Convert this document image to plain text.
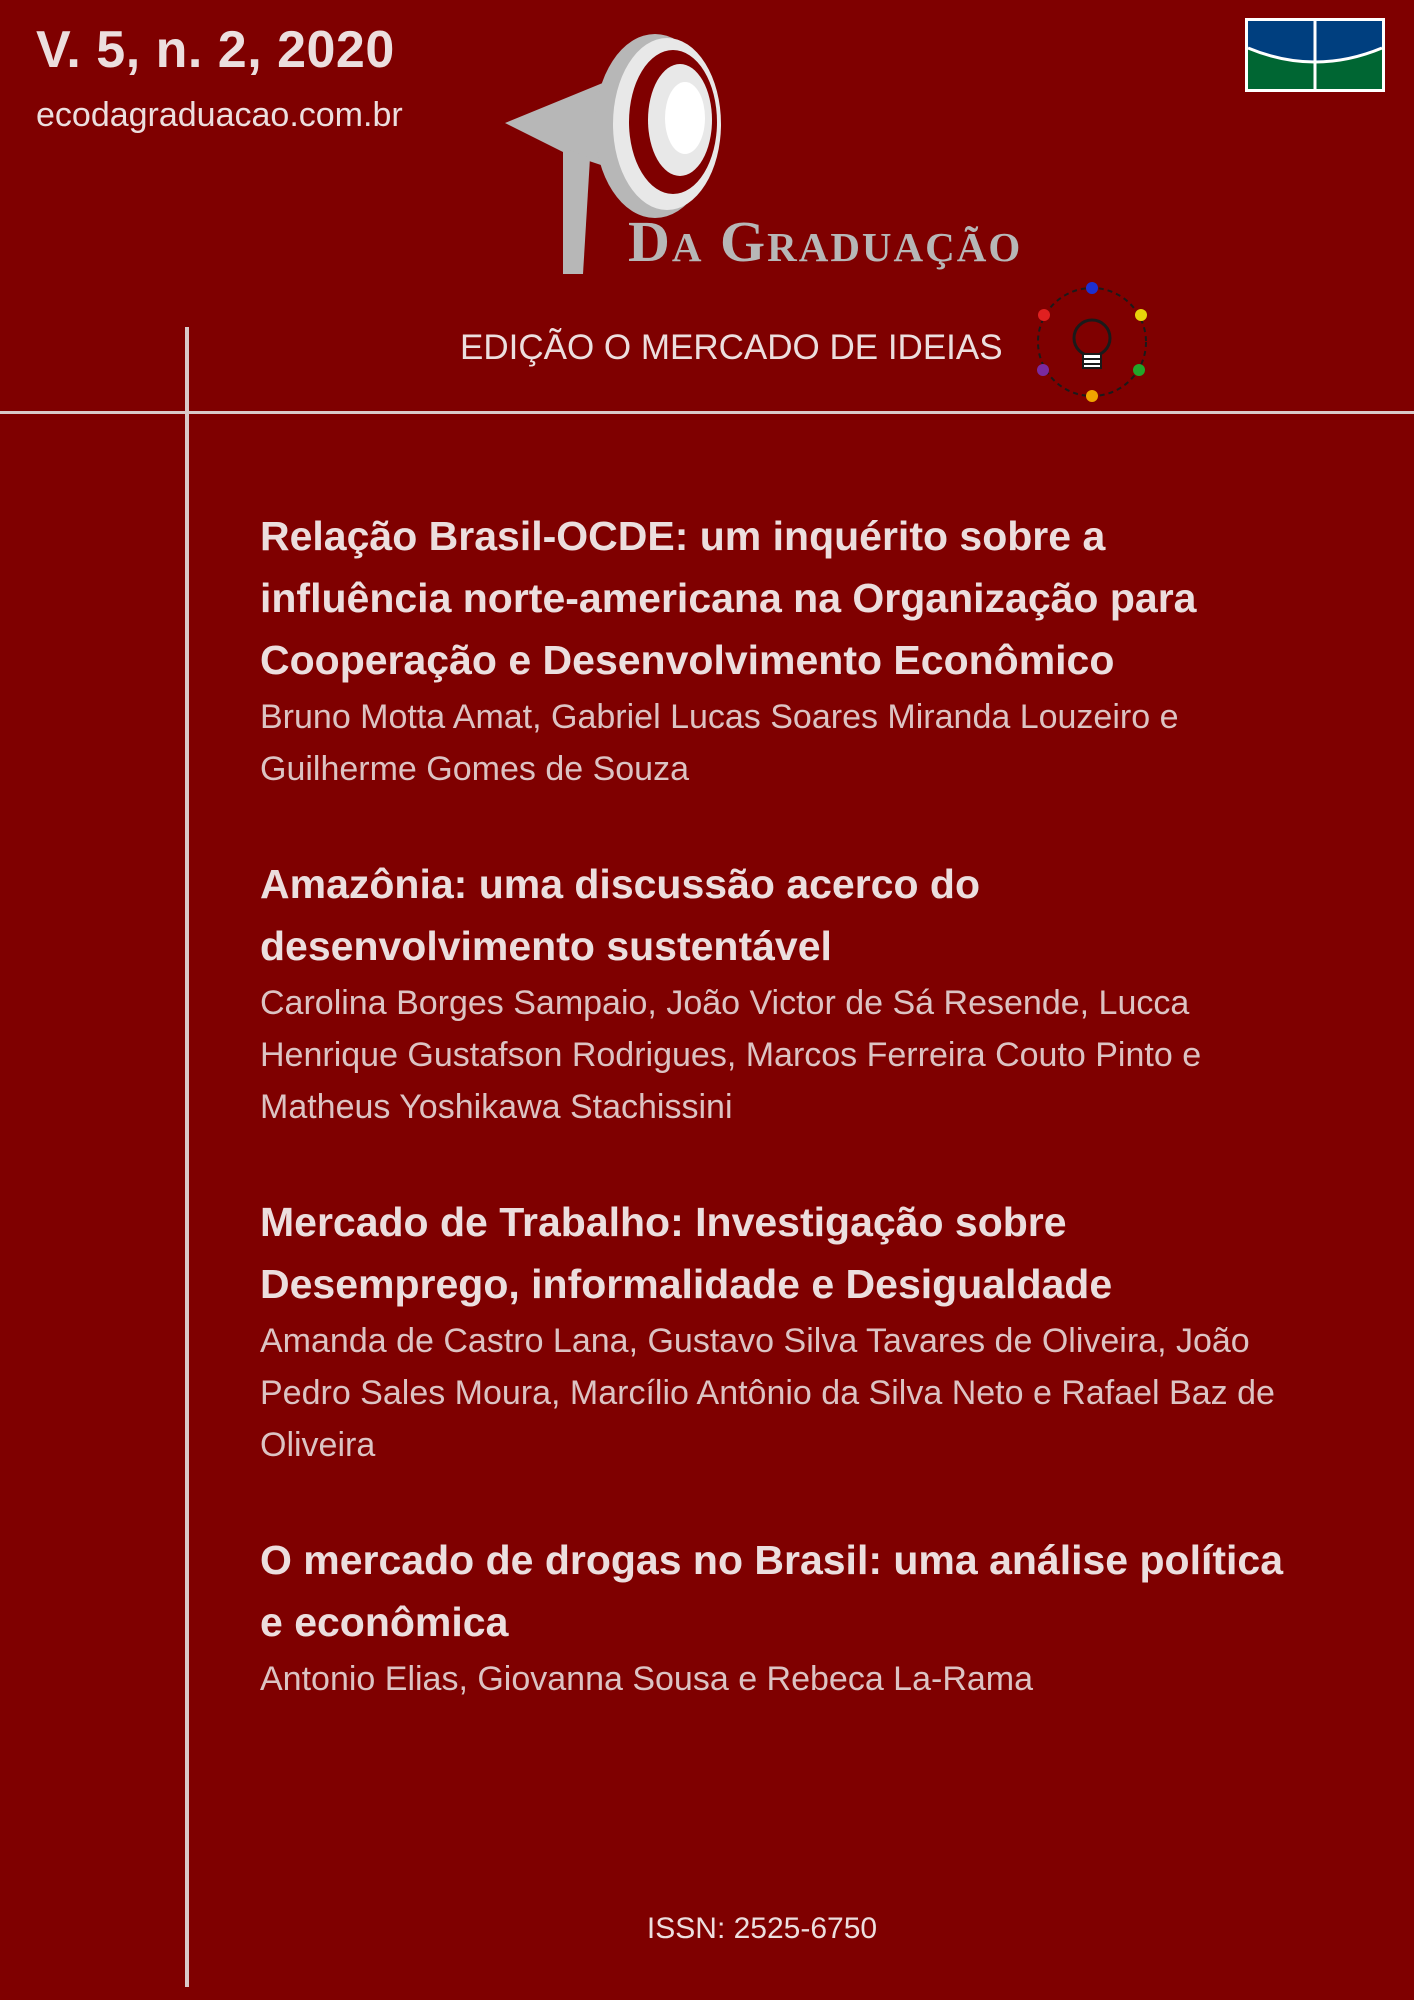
V. 5, n. 2, 2020
ecodagraduacao.com.br
Da Graduação
EDIÇÃO O MERCADO DE IDEIAS
Relação Brasil-OCDE: um inquérito sobre a influência norte-americana na Organização para Cooperação e Desenvolvimento Econômico
Bruno Motta Amat, Gabriel Lucas Soares Miranda Louzeiro e Guilherme Gomes de Souza
Amazônia: uma discussão acerco do desenvolvimento sustentável
Carolina Borges Sampaio, João Victor de Sá Resende, Lucca Henrique Gustafson Rodrigues, Marcos Ferreira Couto Pinto e Matheus Yoshikawa Stachissini
Mercado de Trabalho: Investigação sobre Desemprego, informalidade e Desigualdade
Amanda de Castro Lana, Gustavo Silva Tavares de Oliveira, João Pedro Sales Moura, Marcílio Antônio da Silva Neto e Rafael Baz de Oliveira
O mercado de drogas no Brasil: uma análise política e econômica
Antonio Elias, Giovanna Sousa e Rebeca La-Rama
ISSN: 2525-6750
